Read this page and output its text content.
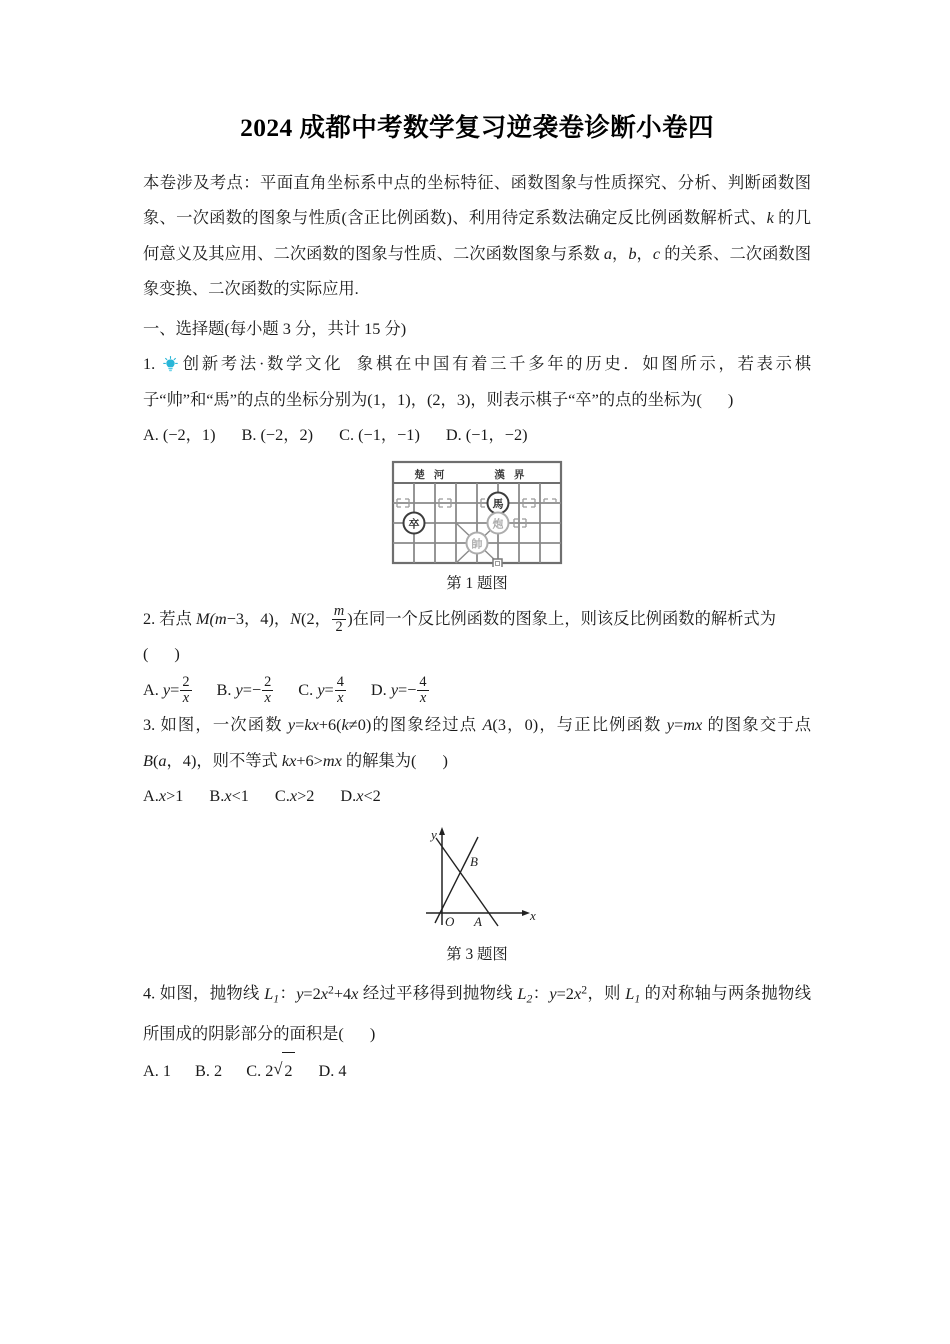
2024 成都中考数学复习逆袭卷诊断小卷四

本卷涉及考点：平面直角坐标系中点的坐标特征、函数图象与性质探究、分析、判断函数图象、一次函数的图象与性质(含正比例函数)、利用待定系数法确定反比例函数解析式、k 的几何意义及其应用、二次函数的图象与性质、二次函数图象与系数 a，b，c 的关系、二次函数图象变换、二次函数的实际应用.

一、选择题(每小题 3 分，共计 15 分)

1. 创新考法·数学文化 象棋在中国有着三千多年的历史．如图所示，若表示棋子“帅”和“馬”的点的坐标分别为(1，1)，(2，3)，则表示棋子“卒”的点的坐标为( )

A. (−2，1) B. (−2，2) C. (−1，−1) D. (−1，−2)

楚 河	漢 界
馬
卒	炮
帥

第 1 题图

2. 若点 M(m−3，4)，N(2， $\frac{m}{2}$ )在同一个反比例函数的图象上，则该反比例函数的解析式为

( )

A. $y= \frac{2}{x} B$. $y=- \frac{2}{x} C$. $y= \frac{4}{x} D$. $y=- \frac{4}{x}$

3. 如图，一次函数 y=kx+6(k≠0)的图象经过点 A(3，0)，与正比例函数 y=mx 的图象交于点 B(a，4)，则不等式 kx+6>mx 的解集为( )

A.x>1 B.x<1 C.x>2 D.x<2

y
x
O A
B

第 3 题图

4. 如图，抛物线 $L_1$：$y=2x^2+4x$ 经过平移得到抛物线 $L_2$：$y=2x^2$，则 $L_1$ 的对称轴与两条抛物线所围成的阴影部分的面积是( )

A. 1 B. 2 C. 2 √ 2 D. 4
